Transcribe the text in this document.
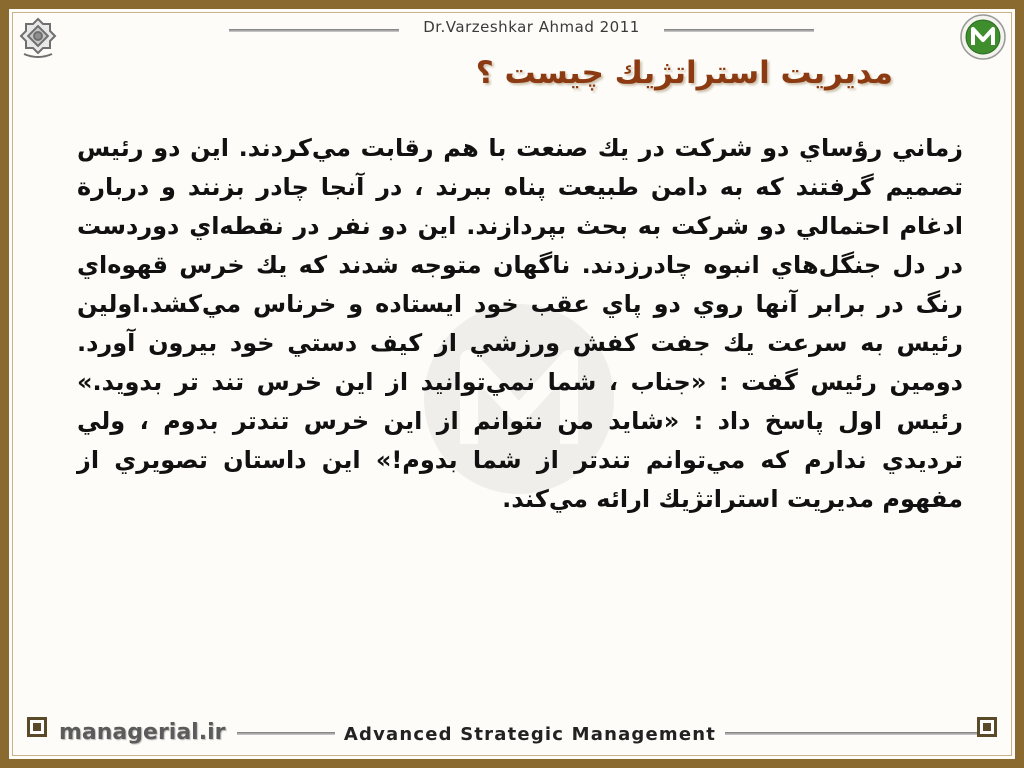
Dr.Varzeshkar Ahmad 2011
مديريت استراتژيك چيست ؟
زماني رؤساي دو شركت در يك صنعت با هم رقابت مي‌كردند. اين دو رئيس تصميم گرفتند كه به دامن طبيعت پناه ببرند ، در آنجا چادر بزنند و دربارة ادغام احتمالي دو شركت به بحث بپردازند. اين دو نفر در نقطه‌اي دوردست در دل جنگل‌هاي انبوه چادرزدند. ناگهان متوجه شدند كه يك خرس قهوه‌اي رنگ در برابر آنها روي دو پاي عقب خود ايستاده و خرناس مي‌كشد.اولين رئيس به سرعت يك جفت كفش ورزشي از كيف دستي خود بيرون آورد. دومين رئيس گفت : «جناب ، شما نمي‌توانيد از اين خرس تند تر بدويد.» رئيس اول پاسخ داد : «شايد من نتوانم از اين خرس تندتر بدوم ، ولي ترديدي ندارم كه مي‌توانم تندتر از شما بدوم!» اين داستان تصويري از مفهوم مديريت استراتژيك ارائه مي‌كند.
managerial.ir	Advanced Strategic Management
